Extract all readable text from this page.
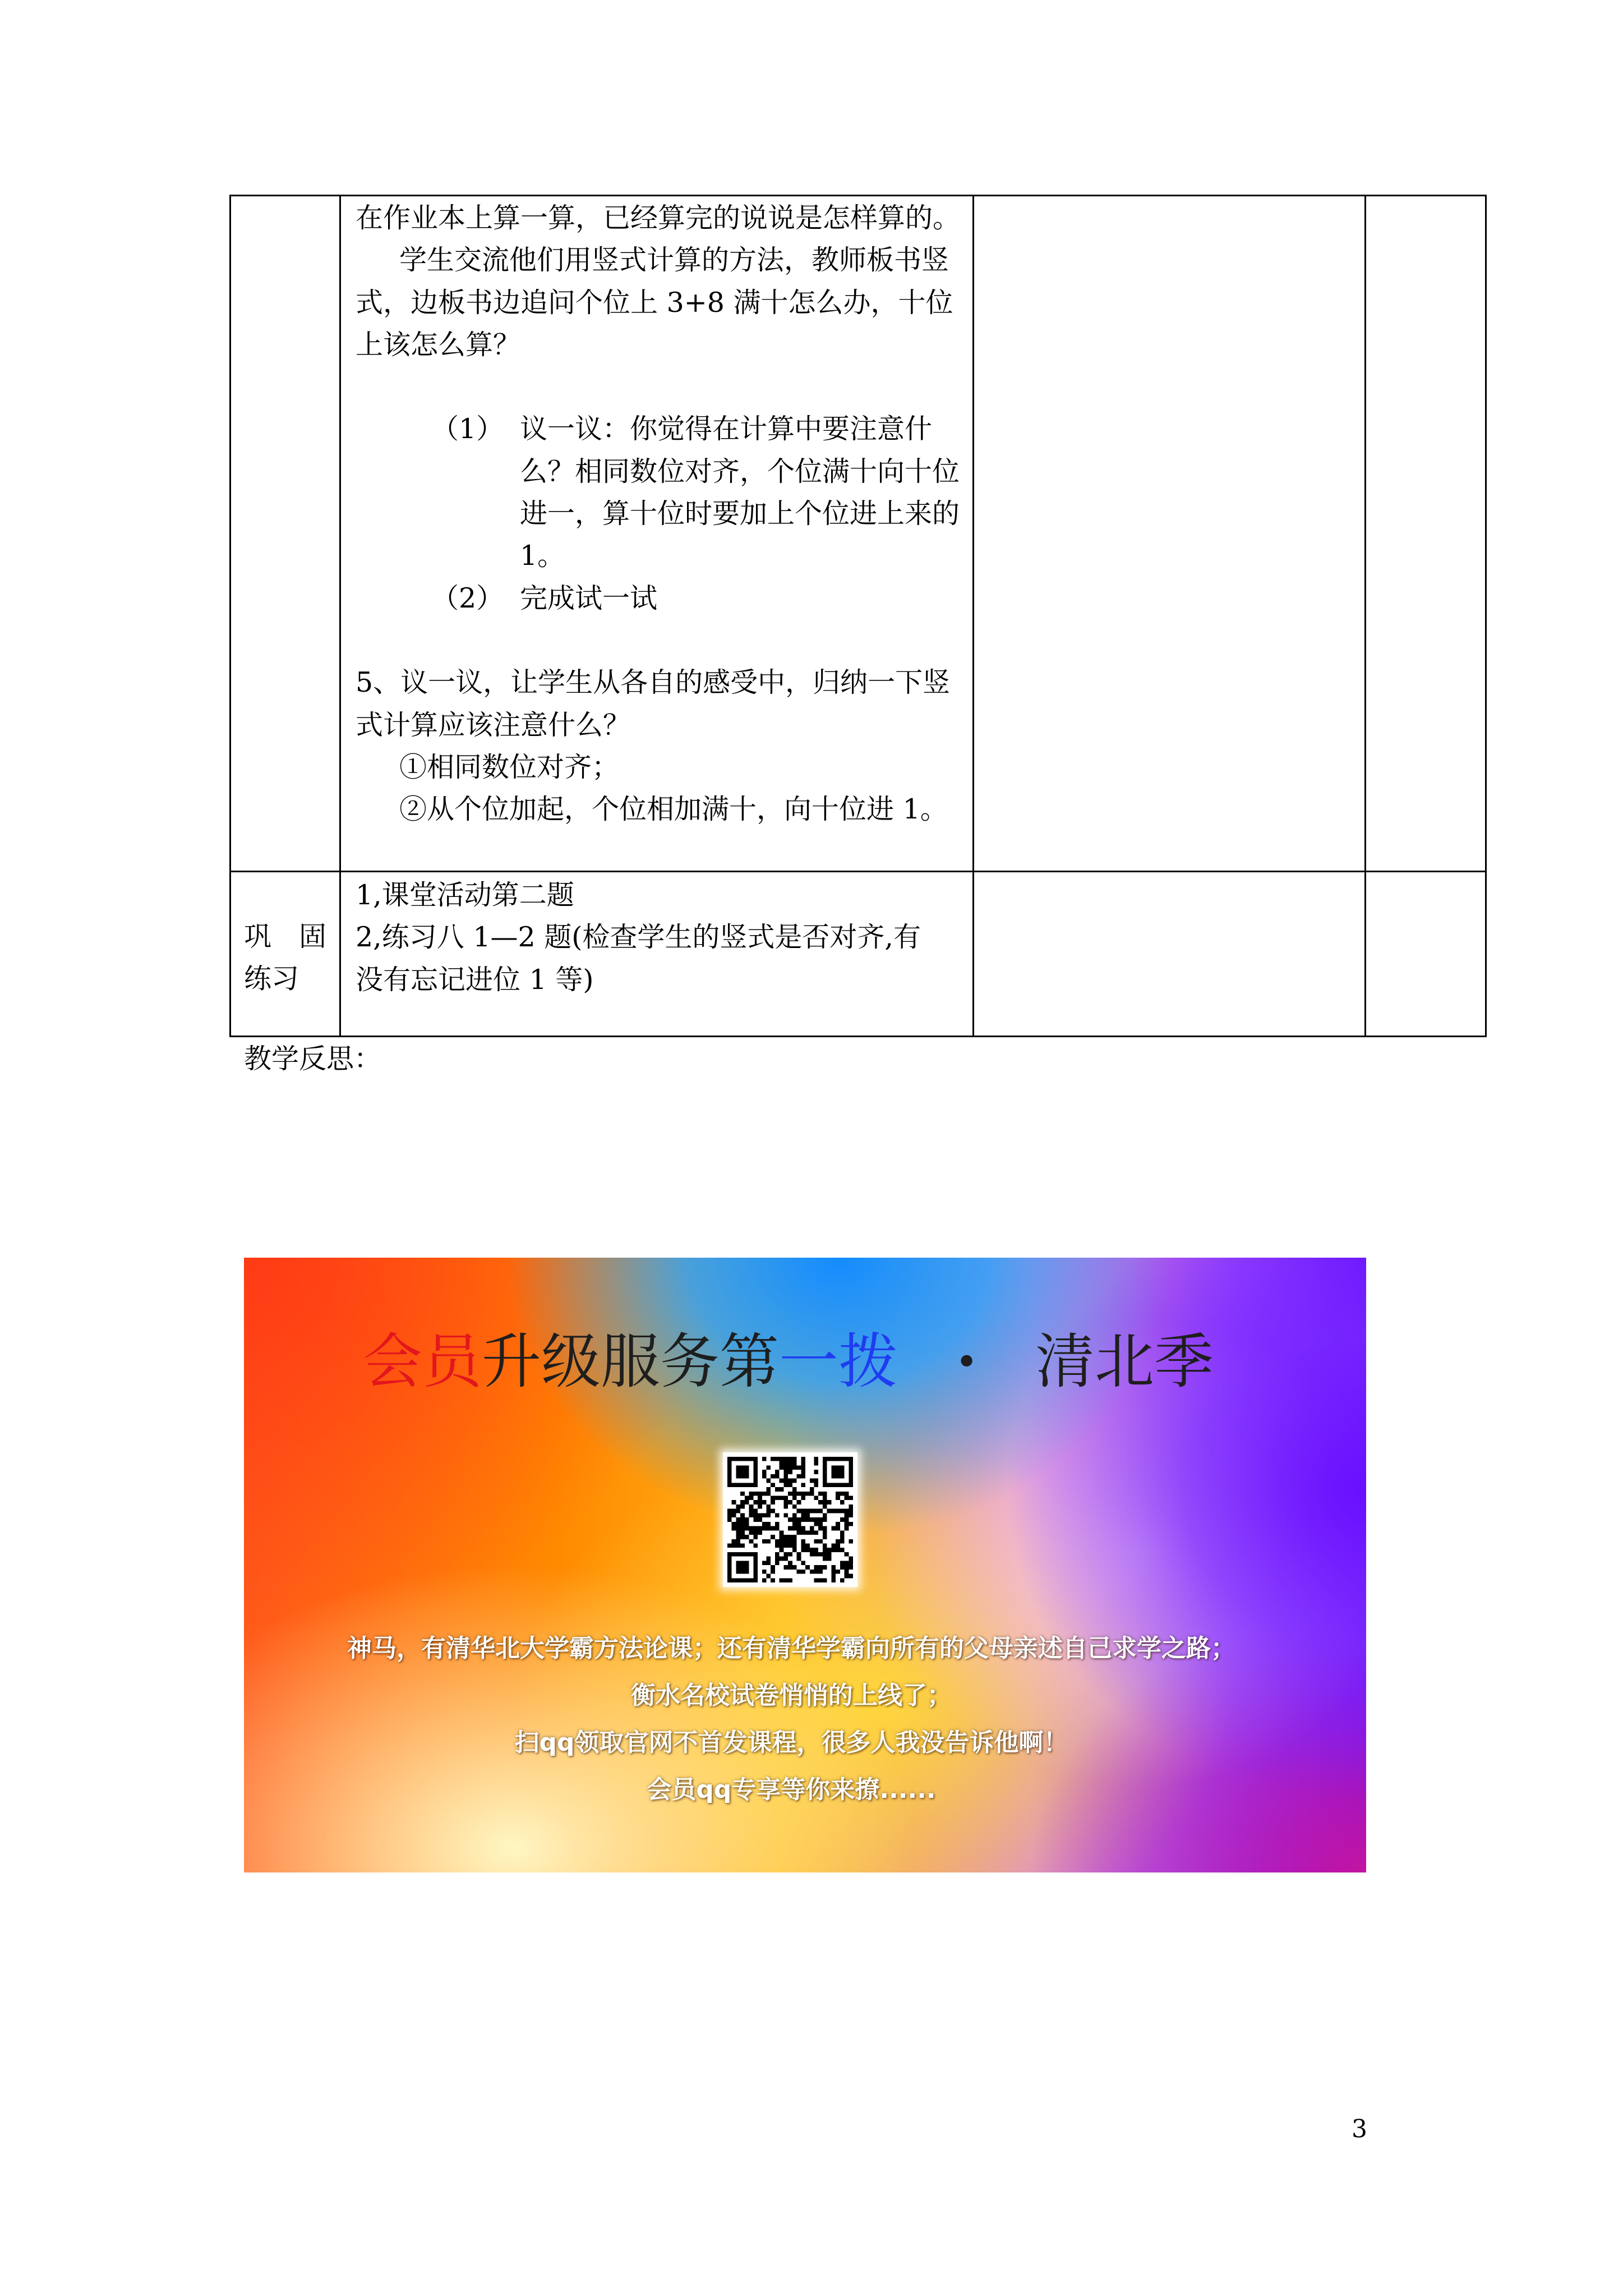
在作业本上算一算，已经算完的说说是怎样算的。
学生交流他们用竖式计算的方法，教师板书竖
式，边板书边追问个位上 3+8 满十怎么办，十位
上该怎么算？
（1） 议一议：你觉得在计算中要注意什
么？相同数位对齐，个位满十向十位
进一，算十位时要加上个位进上来的
1。
（2） 完成试一试
5、议一议，让学生从各自的感受中，归纳一下竖
式计算应该注意什么？
①相同数位对齐；
②从个位加起，个位相加满十，向十位进 1。
巩　固
练习
1,课堂活动第二题
2,练习八 1—2 题(检查学生的竖式是否对齐,有
没有忘记进位 1 等)
教学反思：
会员升级服务第一拨 • 清北季
神马，有清华北大学霸方法论课；还有清华学霸向所有的父母亲述自己求学之路；
衡水名校试卷悄悄的上线了；
扫qq领取官网不首发课程，很多人我没告诉他啊！
会员qq专享等你来撩......
3
